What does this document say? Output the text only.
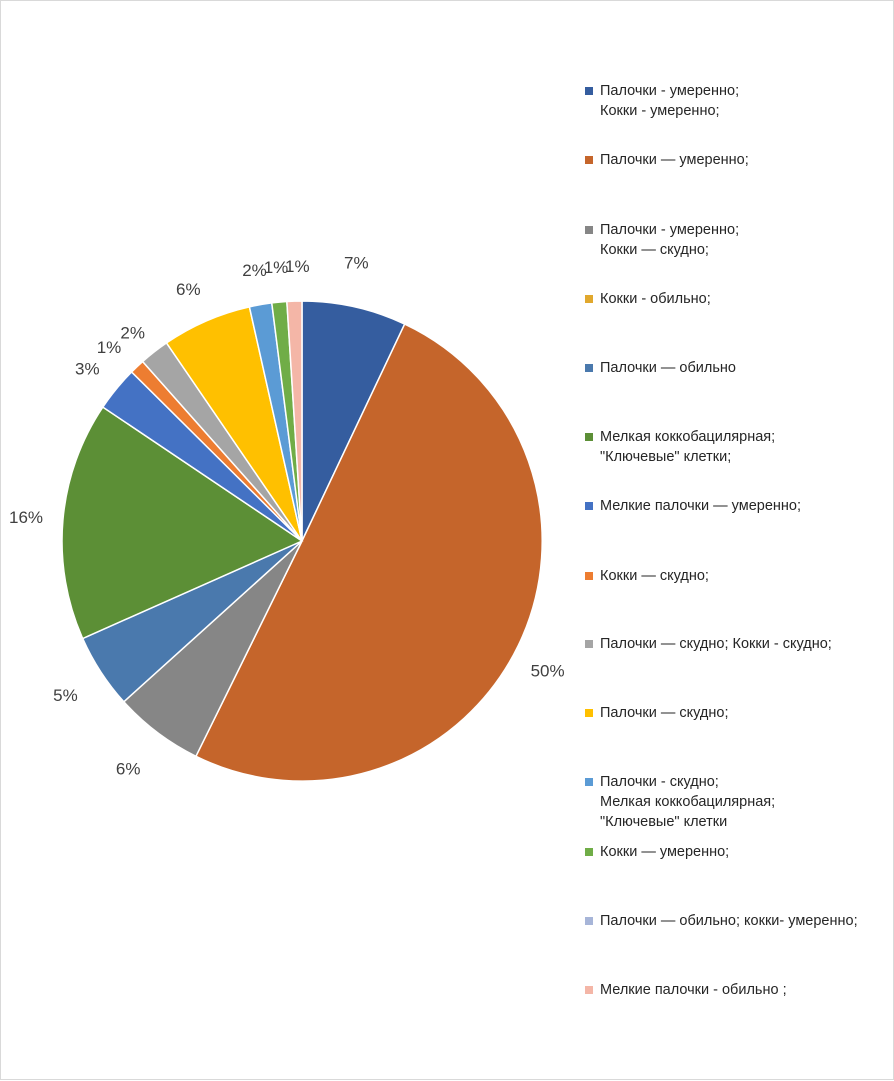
7%
50%
6%
5%
16%
3%
1%
2%
6%
2%
1%
1%
Палочки - умеренно;
Кокки - умеренно;
Палочки — умеренно;
Палочки - умеренно;
Кокки — скудно;
Кокки - обильно;
Палочки — обильно
Мелкая коккобацилярная;
"Ключевые" клетки;
Мелкие палочки — умеренно;
Кокки — скудно;
Палочки — скудно; Кокки - скудно;
Палочки — скудно;
Палочки - скудно;
Мелкая коккобацилярная;
"Ключевые" клетки
Кокки — умеренно;
Палочки — обильно; кокки- умеренно;
Мелкие палочки - обильно ;
